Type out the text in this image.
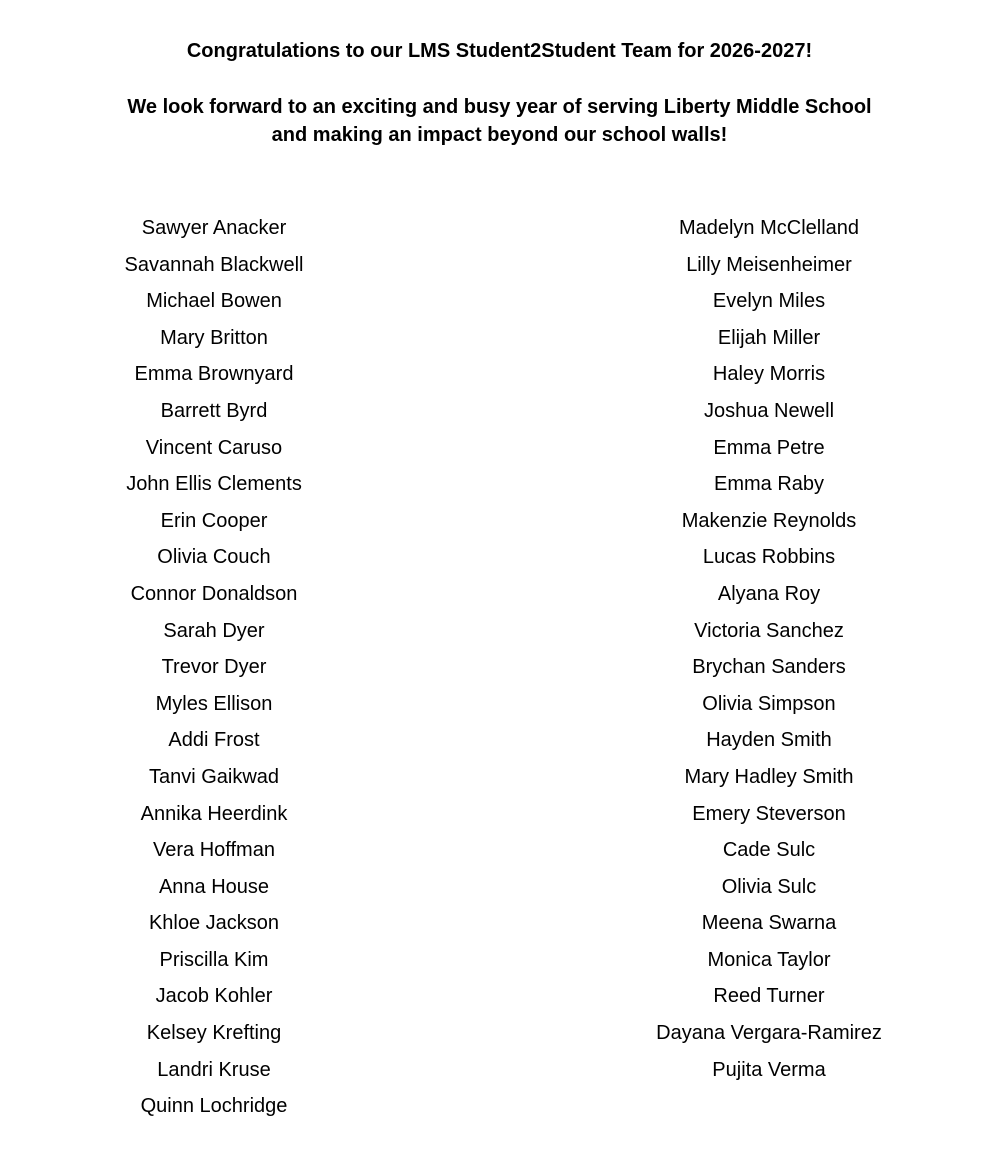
Congratulations to our LMS Student2Student Team for 2026-2027!

We look forward to an exciting and busy year of serving Liberty Middle School

and making an impact beyond our school walls!

Sawyer Anacker
Savannah Blackwell
Michael Bowen
Mary Britton
Emma Brownyard
Barrett Byrd
Vincent Caruso
John Ellis Clements
Erin Cooper
Olivia Couch
Connor Donaldson
Sarah Dyer
Trevor Dyer
Myles Ellison
Addi Frost
Tanvi Gaikwad
Annika Heerdink
Vera Hoffman
Anna House
Khloe Jackson
Priscilla Kim
Jacob Kohler
Kelsey Krefting
Landri Kruse
Quinn Lochridge
Madelyn McClelland
Lilly Meisenheimer
Evelyn Miles
Elijah Miller
Haley Morris
Joshua Newell
Emma Petre
Emma Raby
Makenzie Reynolds
Lucas Robbins
Alyana Roy
Victoria Sanchez
Brychan Sanders
Olivia Simpson
Hayden Smith
Mary Hadley Smith
Emery Steverson
Cade Sulc
Olivia Sulc
Meena Swarna
Monica Taylor
Reed Turner
Dayana Vergara-Ramirez
Pujita Verma
